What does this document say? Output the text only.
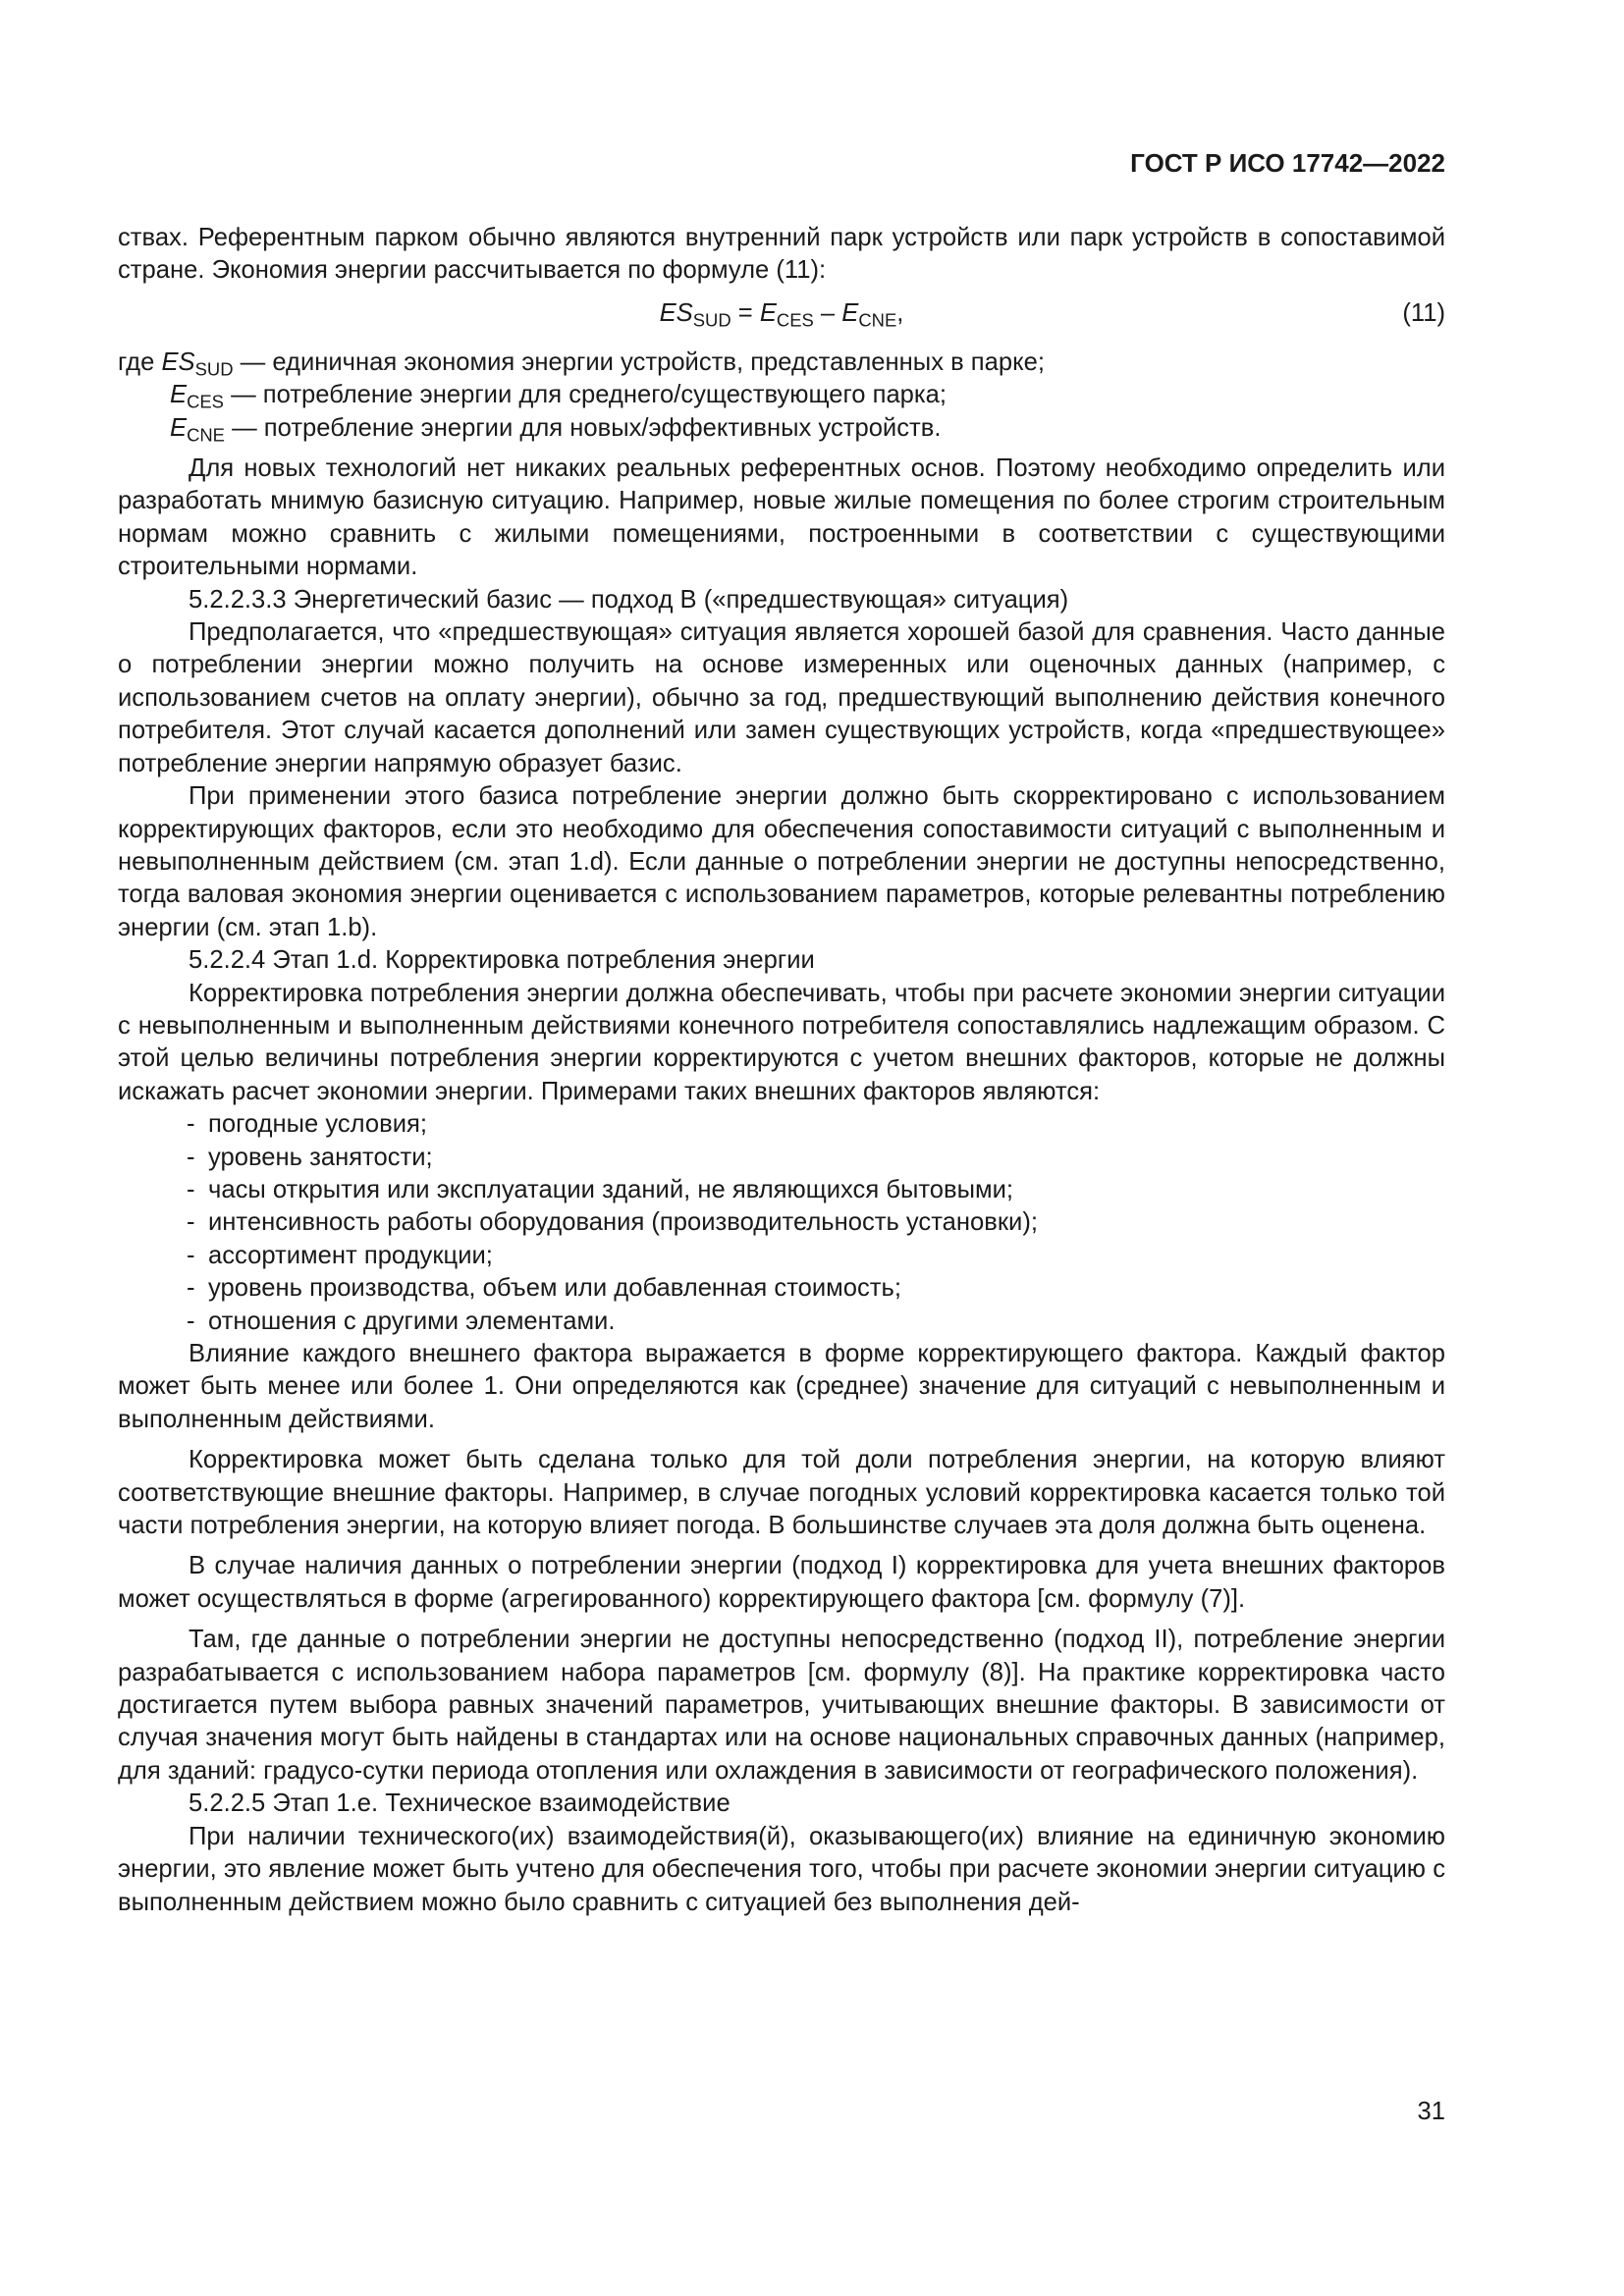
ГОСТ Р ИСО 17742—2022

ствах. Референтным парком обычно являются внутренний парк устройств или парк устройств в сопоставимой стране. Экономия энергии рассчитывается по формуле (11):

$ES_{SUD} = E_{CES} - E_{CNE}$,	(11)
где $ES_{SUD}$ — единичная экономия энергии устройств, представленных в парке;
$E_{CES}$ — потребление энергии для среднего/существующего парка;
$E_{CNE}$ — потребление энергии для новых/эффективных устройств.

Для новых технологий нет никаких реальных референтных основ. Поэтому необходимо определить или разработать мнимую базисную ситуацию. Например, новые жилые помещения по более строгим строительным нормам можно сравнить с жилыми помещениями, построенными в соответствии с существующими строительными нормами.

5.2.2.3.3 Энергетический базис — подход В («предшествующая» ситуация)

Предполагается, что «предшествующая» ситуация является хорошей базой для сравнения. Часто данные о потреблении энергии можно получить на основе измеренных или оценочных данных (например, с использованием счетов на оплату энергии), обычно за год, предшествующий выполнению действия конечного потребителя. Этот случай касается дополнений или замен существующих устройств, когда «предшествующее» потребление энергии напрямую образует базис.

При применении этого базиса потребление энергии должно быть скорректировано с использованием корректирующих факторов, если это необходимо для обеспечения сопоставимости ситуаций с выполненным и невыполненным действием (см. этап 1.d). Если данные о потреблении энергии не доступны непосредственно, тогда валовая экономия энергии оценивается с использованием параметров, которые релевантны потреблению энергии (см. этап 1.b).

5.2.2.4 Этап 1.d. Корректировка потребления энергии

Корректировка потребления энергии должна обеспечивать, чтобы при расчете экономии энергии ситуации с невыполненным и выполненным действиями конечного потребителя сопоставлялись надлежащим образом. С этой целью величины потребления энергии корректируются с учетом внешних факторов, которые не должны искажать расчет экономии энергии. Примерами таких внешних факторов являются:

- погодные условия;
- уровень занятости;
- часы открытия или эксплуатации зданий, не являющихся бытовыми;
- интенсивность работы оборудования (производительность установки);
- ассортимент продукции;
- уровень производства, объем или добавленная стоимость;
- отношения с другими элементами.

Влияние каждого внешнего фактора выражается в форме корректирующего фактора. Каждый фактор может быть менее или более 1. Они определяются как (среднее) значение для ситуаций с невыполненным и выполненным действиями.

Корректировка может быть сделана только для той доли потребления энергии, на которую влияют соответствующие внешние факторы. Например, в случае погодных условий корректировка касается только той части потребления энергии, на которую влияет погода. В большинстве случаев эта доля должна быть оценена.

В случае наличия данных о потреблении энергии (подход I) корректировка для учета внешних факторов может осуществляться в форме (агрегированного) корректирующего фактора [см. формулу (7)].

Там, где данные о потреблении энергии не доступны непосредственно (подход II), потребление энергии разрабатывается с использованием набора параметров [см. формулу (8)]. На практике корректировка часто достигается путем выбора равных значений параметров, учитывающих внешние факторы. В зависимости от случая значения могут быть найдены в стандартах или на основе национальных справочных данных (например, для зданий: градусо-сутки периода отопления или охлаждения в зависимости от географического положения).

5.2.2.5 Этап 1.е. Техническое взаимодействие

При наличии технического(их) взаимодействия(й), оказывающего(их) влияние на единичную экономию энергии, это явление может быть учтено для обеспечения того, чтобы при расчете экономии энергии ситуацию с выполненным действием можно было сравнить с ситуацией без выполнения дей-

31
